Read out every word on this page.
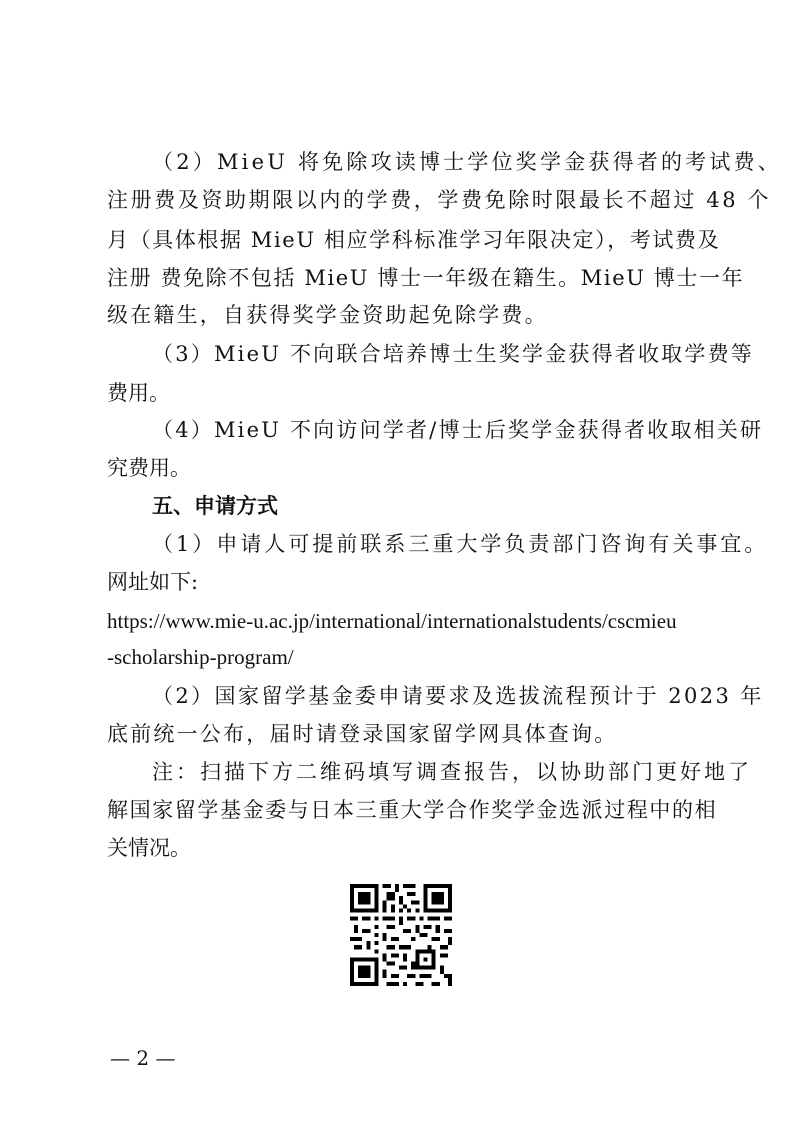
（2）MieU 将免除攻读博士学位奖学金获得者的考试费、
注册费及资助期限以内的学费，学费免除时限最长不超过 48 个
月（具体根据 MieU 相应学科标准学习年限决定），考试费及
注册 费免除不包括 MieU 博士一年级在籍生。MieU 博士一年
级在籍生，自获得奖学金资助起免除学费。
（3）MieU 不向联合培养博士生奖学金获得者收取学费等
费用。
（4）MieU 不向访问学者/博士后奖学金获得者收取相关研
究费用。
五、申请方式
（1）申请人可提前联系三重大学负责部门咨询有关事宜。
网址如下:
https://www.mie-u.ac.jp/international/internationalstudents/cscmieu
-scholarship-program/
（2）国家留学基金委申请要求及选拔流程预计于 2023 年
底前统一公布，届时请登录国家留学网具体查询。
注：扫描下方二维码填写调查报告，以协助部门更好地了
解国家留学基金委与日本三重大学合作奖学金选派过程中的相
关情况。
— 2 —
